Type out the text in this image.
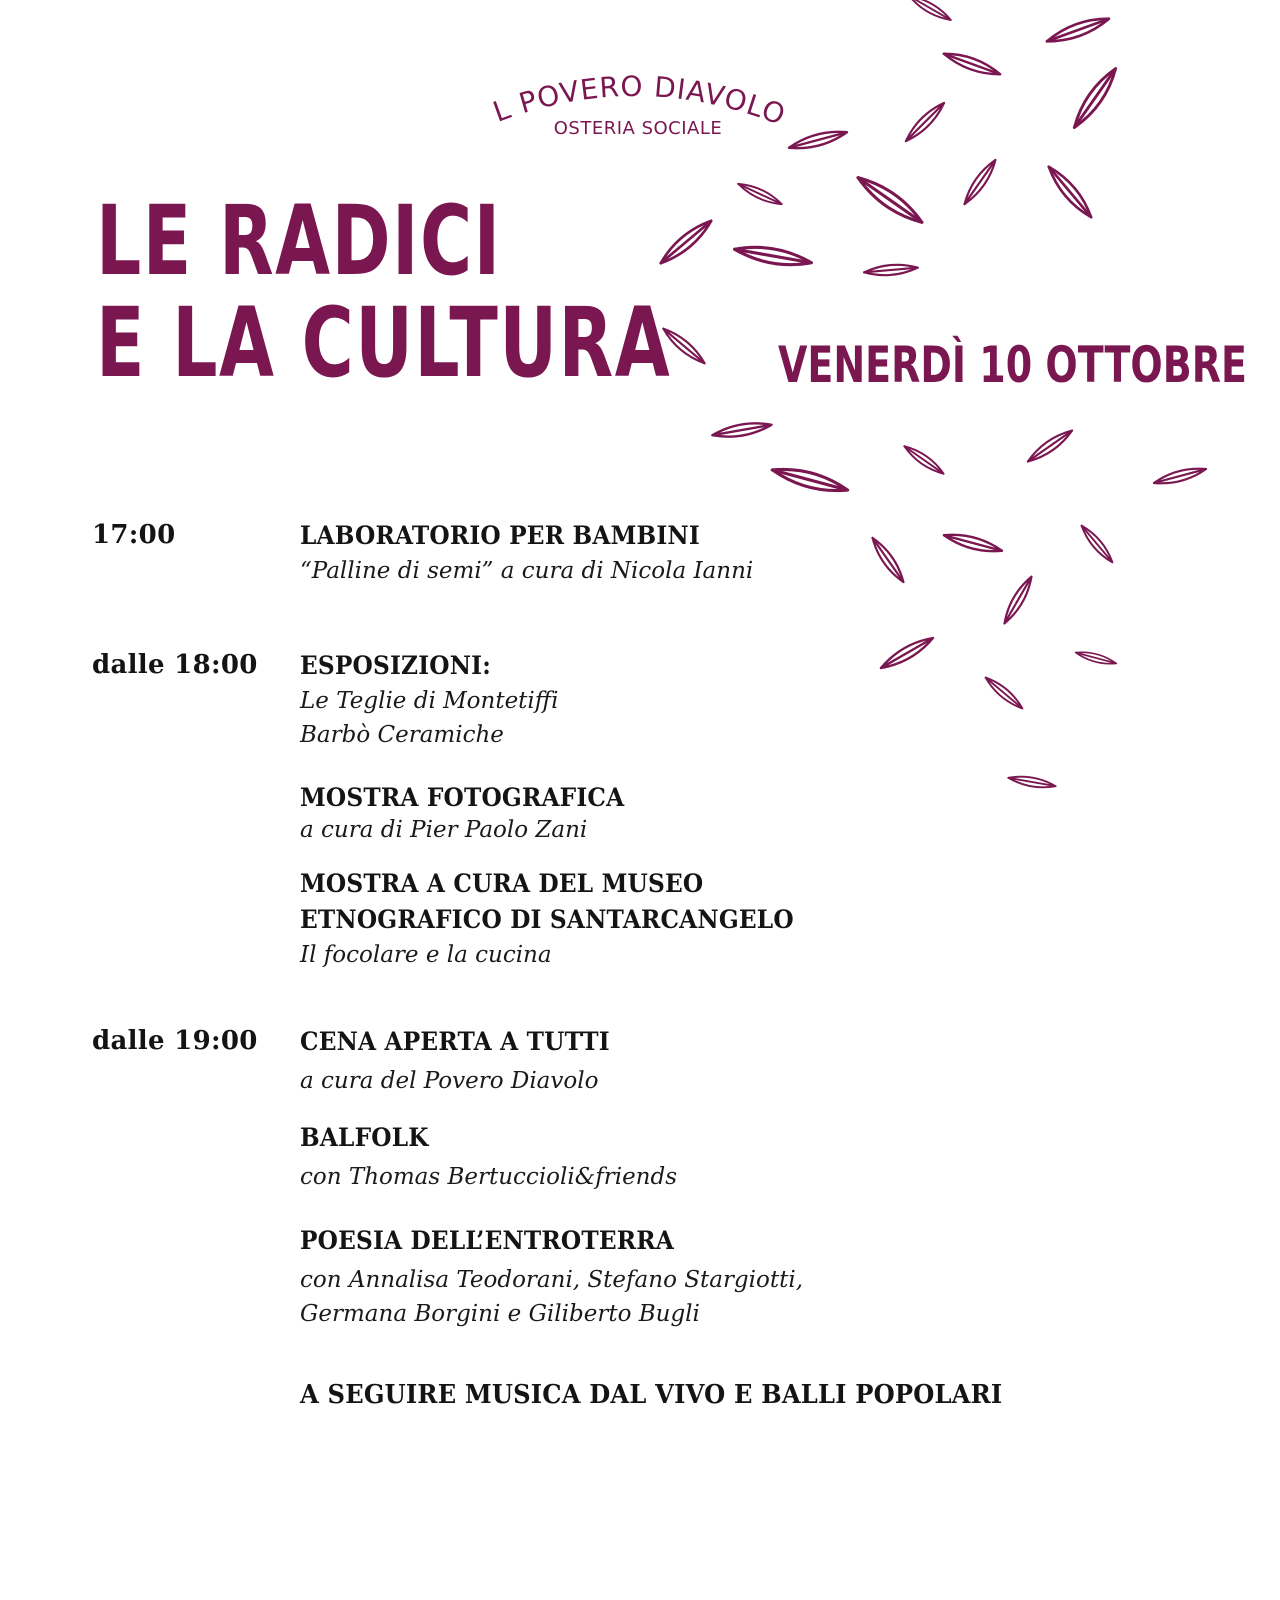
IL POVERO DIAVOLO
OSTERIA SOCIALE
LE RADICI
E LA CULTURA VENERDÌ 10 OTTOBRE
17:00	LABORATORIO PER BAMBINI
“Palline di semi” a cura di Nicola Ianni
dalle 18:00 ESPOSIZIONI:
Le Teglie di Montetiffi
Barbò Ceramiche
MOSTRA FOTOGRAFICA
a cura di Pier Paolo Zani
MOSTRA A CURA DEL MUSEO
ETNOGRAFICO DI SANTARCANGELO
Il focolare e la cucina
dalle 19:00 CENA APERTA A TUTTI
a cura del Povero Diavolo
BALFOLK
con Thomas Bertuccioli&friends
POESIA DELL’ENTROTERRA
con Annalisa Teodorani, Stefano Stargiotti,
Germana Borgini e Giliberto Bugli
A SEGUIRE MUSICA DAL VIVO E BALLI POPOLARI
